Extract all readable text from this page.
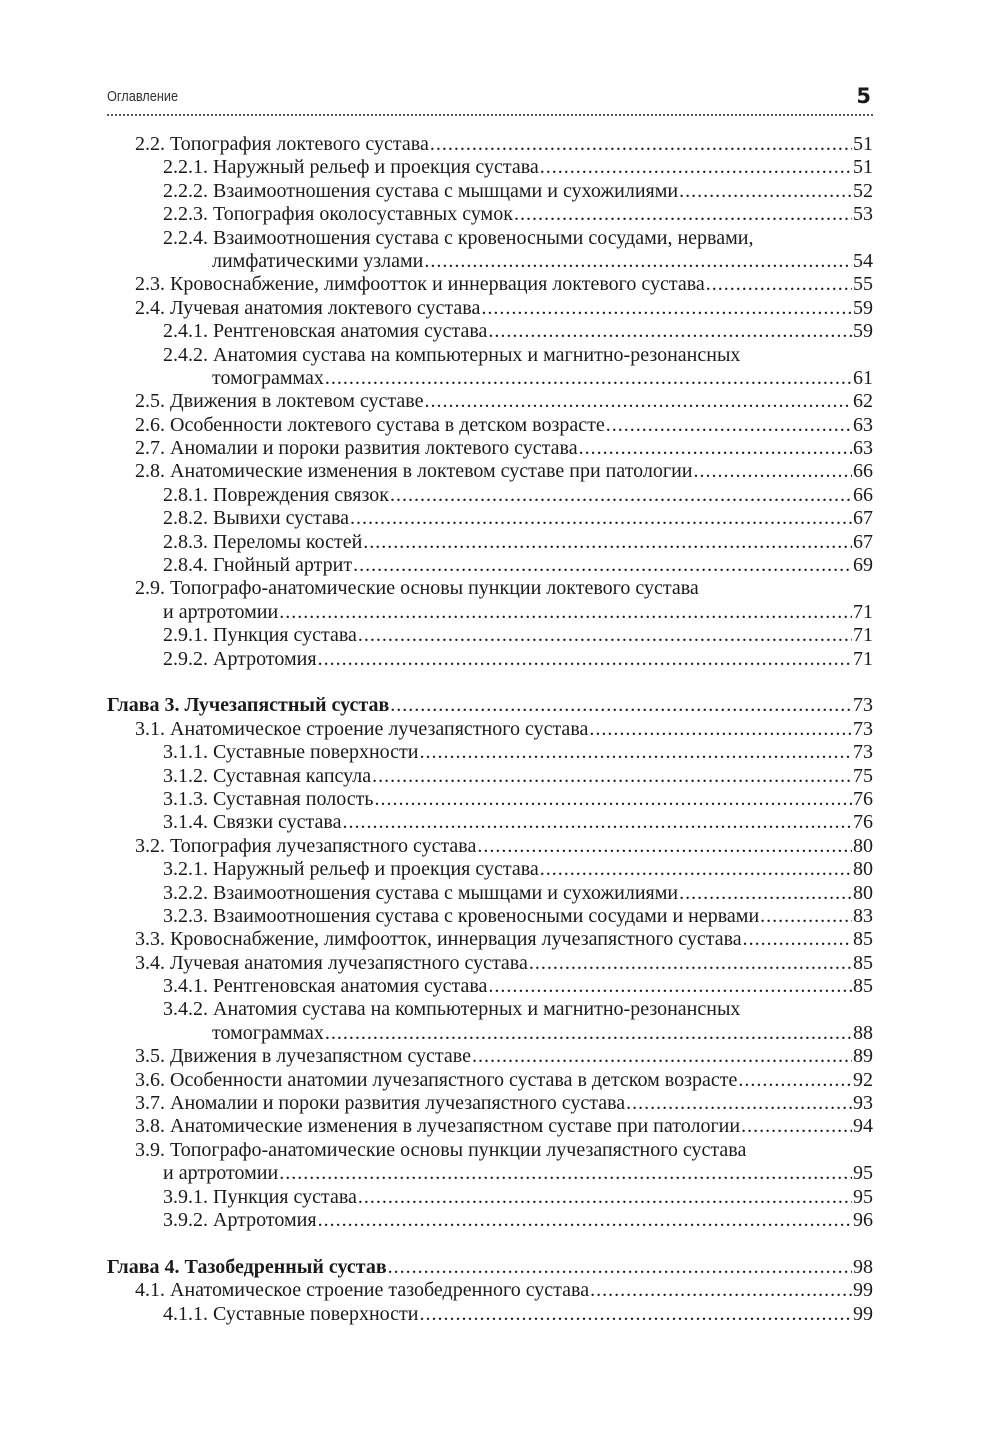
Оглавление	5
2.2. Топография локтевого сустава .....	51
2.2.1. Наружный рельеф и проекция сустава .....	51
2.2.2. Взаимоотношения сустава с мышцами и сухожилиями .....	52
2.2.3. Топография околосуставных сумок .....	53
2.2.4. Взаимоотношения сустава с кровеносными сосудами, нервами,
лимфатическими узлами .....	54
2.3. Кровоснабжение, лимфоотток и иннервация локтевого сустава .....	55
2.4. Лучевая анатомия локтевого сустава .....	59
2.4.1. Рентгеновская анатомия сустава .....	59
2.4.2. Анатомия сустава на компьютерных и магнитно-резонансных
томограммах .....	61
2.5. Движения в локтевом суставе .....	62
2.6. Особенности локтевого сустава в детском возрасте .....	63
2.7. Аномалии и пороки развития локтевого сустава .....	63
2.8. Анатомические изменения в локтевом суставе при патологии .....	66
2.8.1. Повреждения связок .....	66
2.8.2. Вывихи сустава .....	67
2.8.3. Переломы костей .....	67
2.8.4. Гнойный артрит .....	69
2.9. Топографо-анатомические основы пункции локтевого сустава
и артротомии .....	71
2.9.1. Пункция сустава .....	71
2.9.2. Артротомия .....	71
Глава 3. Лучезапястный сустав .....	73
3.1. Анатомическое строение лучезапястного сустава .....	73
3.1.1. Суставные поверхности .....	73
3.1.2. Суставная капсула .....	75
3.1.3. Суставная полость .....	76
3.1.4. Связки сустава .....	76
3.2. Топография лучезапястного сустава .....	80
3.2.1. Наружный рельеф и проекция сустава .....	80
3.2.2. Взаимоотношения сустава с мышцами и сухожилиями .....	80
3.2.3. Взаимоотношения сустава с кровеносными сосудами и нервами .....	83
3.3. Кровоснабжение, лимфоотток, иннервация лучезапястного сустава .....	85
3.4. Лучевая анатомия лучезапястного сустава .....	85
3.4.1. Рентгеновская анатомия сустава .....	85
3.4.2. Анатомия сустава на компьютерных и магнитно-резонансных
томограммах .....	88
3.5. Движения в лучезапястном суставе .....	89
3.6. Особенности анатомии лучезапястного сустава в детском возрасте .....	92
3.7. Аномалии и пороки развития лучезапястного сустава .....	93
3.8. Анатомические изменения в лучезапястном суставе при патологии .....	94
3.9. Топографо-анатомические основы пункции лучезапястного сустава
и артротомии .....	95
3.9.1. Пункция сустава .....	95
3.9.2. Артротомия .....	96
Глава 4. Тазобедренный сустав .....	98
4.1. Анатомическое строение тазобедренного сустава .....	99
4.1.1. Суставные поверхности .....	99
